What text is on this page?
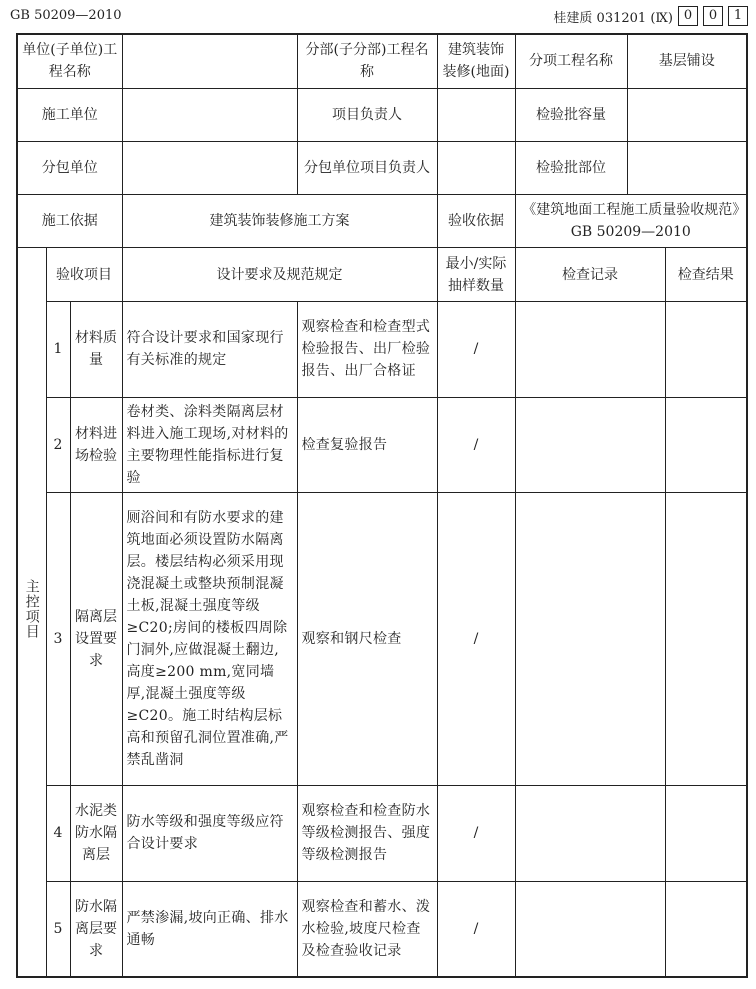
GB 50209—2010	桂建质 031201 (Ⅸ) 0	0	1
单位(子单位)工程名称				分部(子分部)工程名称	建筑装饰装修(地面)	分项工程名称	基层铺设	
施工单位				项目负责人		检验批容量		
分包单位				分包单位项目负责人		检验批部位		
施工依据			建筑装饰装修施工方案		验收依据	《建筑地面工程施工质量验收规范》GB 50209—2010		
主控项目	验收项目		设计要求及规范规定		最小/实际抽样数量	检查记录		检查结果
	1	材料质量	符合设计要求和国家现行有关标准的规定	观察检查和检查型式检验报告、出厂检验报告、出厂合格证	/			
	2	材料进场检验	卷材类、涂料类隔离层材料进入施工现场,对材料的主要物理性能指标进行复验	检查复验报告	/			
	3	隔离层设置要求	厕浴间和有防水要求的建筑地面必须设置防水隔离层。楼层结构必须采用现浇混凝土或整块预制混凝土板,混凝土强度等级≥C20;房间的楼板四周除门洞外,应做混凝土翻边,高度≥200 mm,宽同墙厚,混凝土强度等级≥C20。施工时结构层标高和预留孔洞位置准确,严禁乱凿洞	观察和钢尺检查	/			
	4	水泥类防水隔离层	防水等级和强度等级应符合设计要求	观察检查和检查防水等级检测报告、强度等级检测报告	/			
	5	防水隔离层要求	严禁渗漏,坡向正确、排水通畅	观察检查和蓄水、泼水检验,坡度尺检查及检查验收记录	/			
